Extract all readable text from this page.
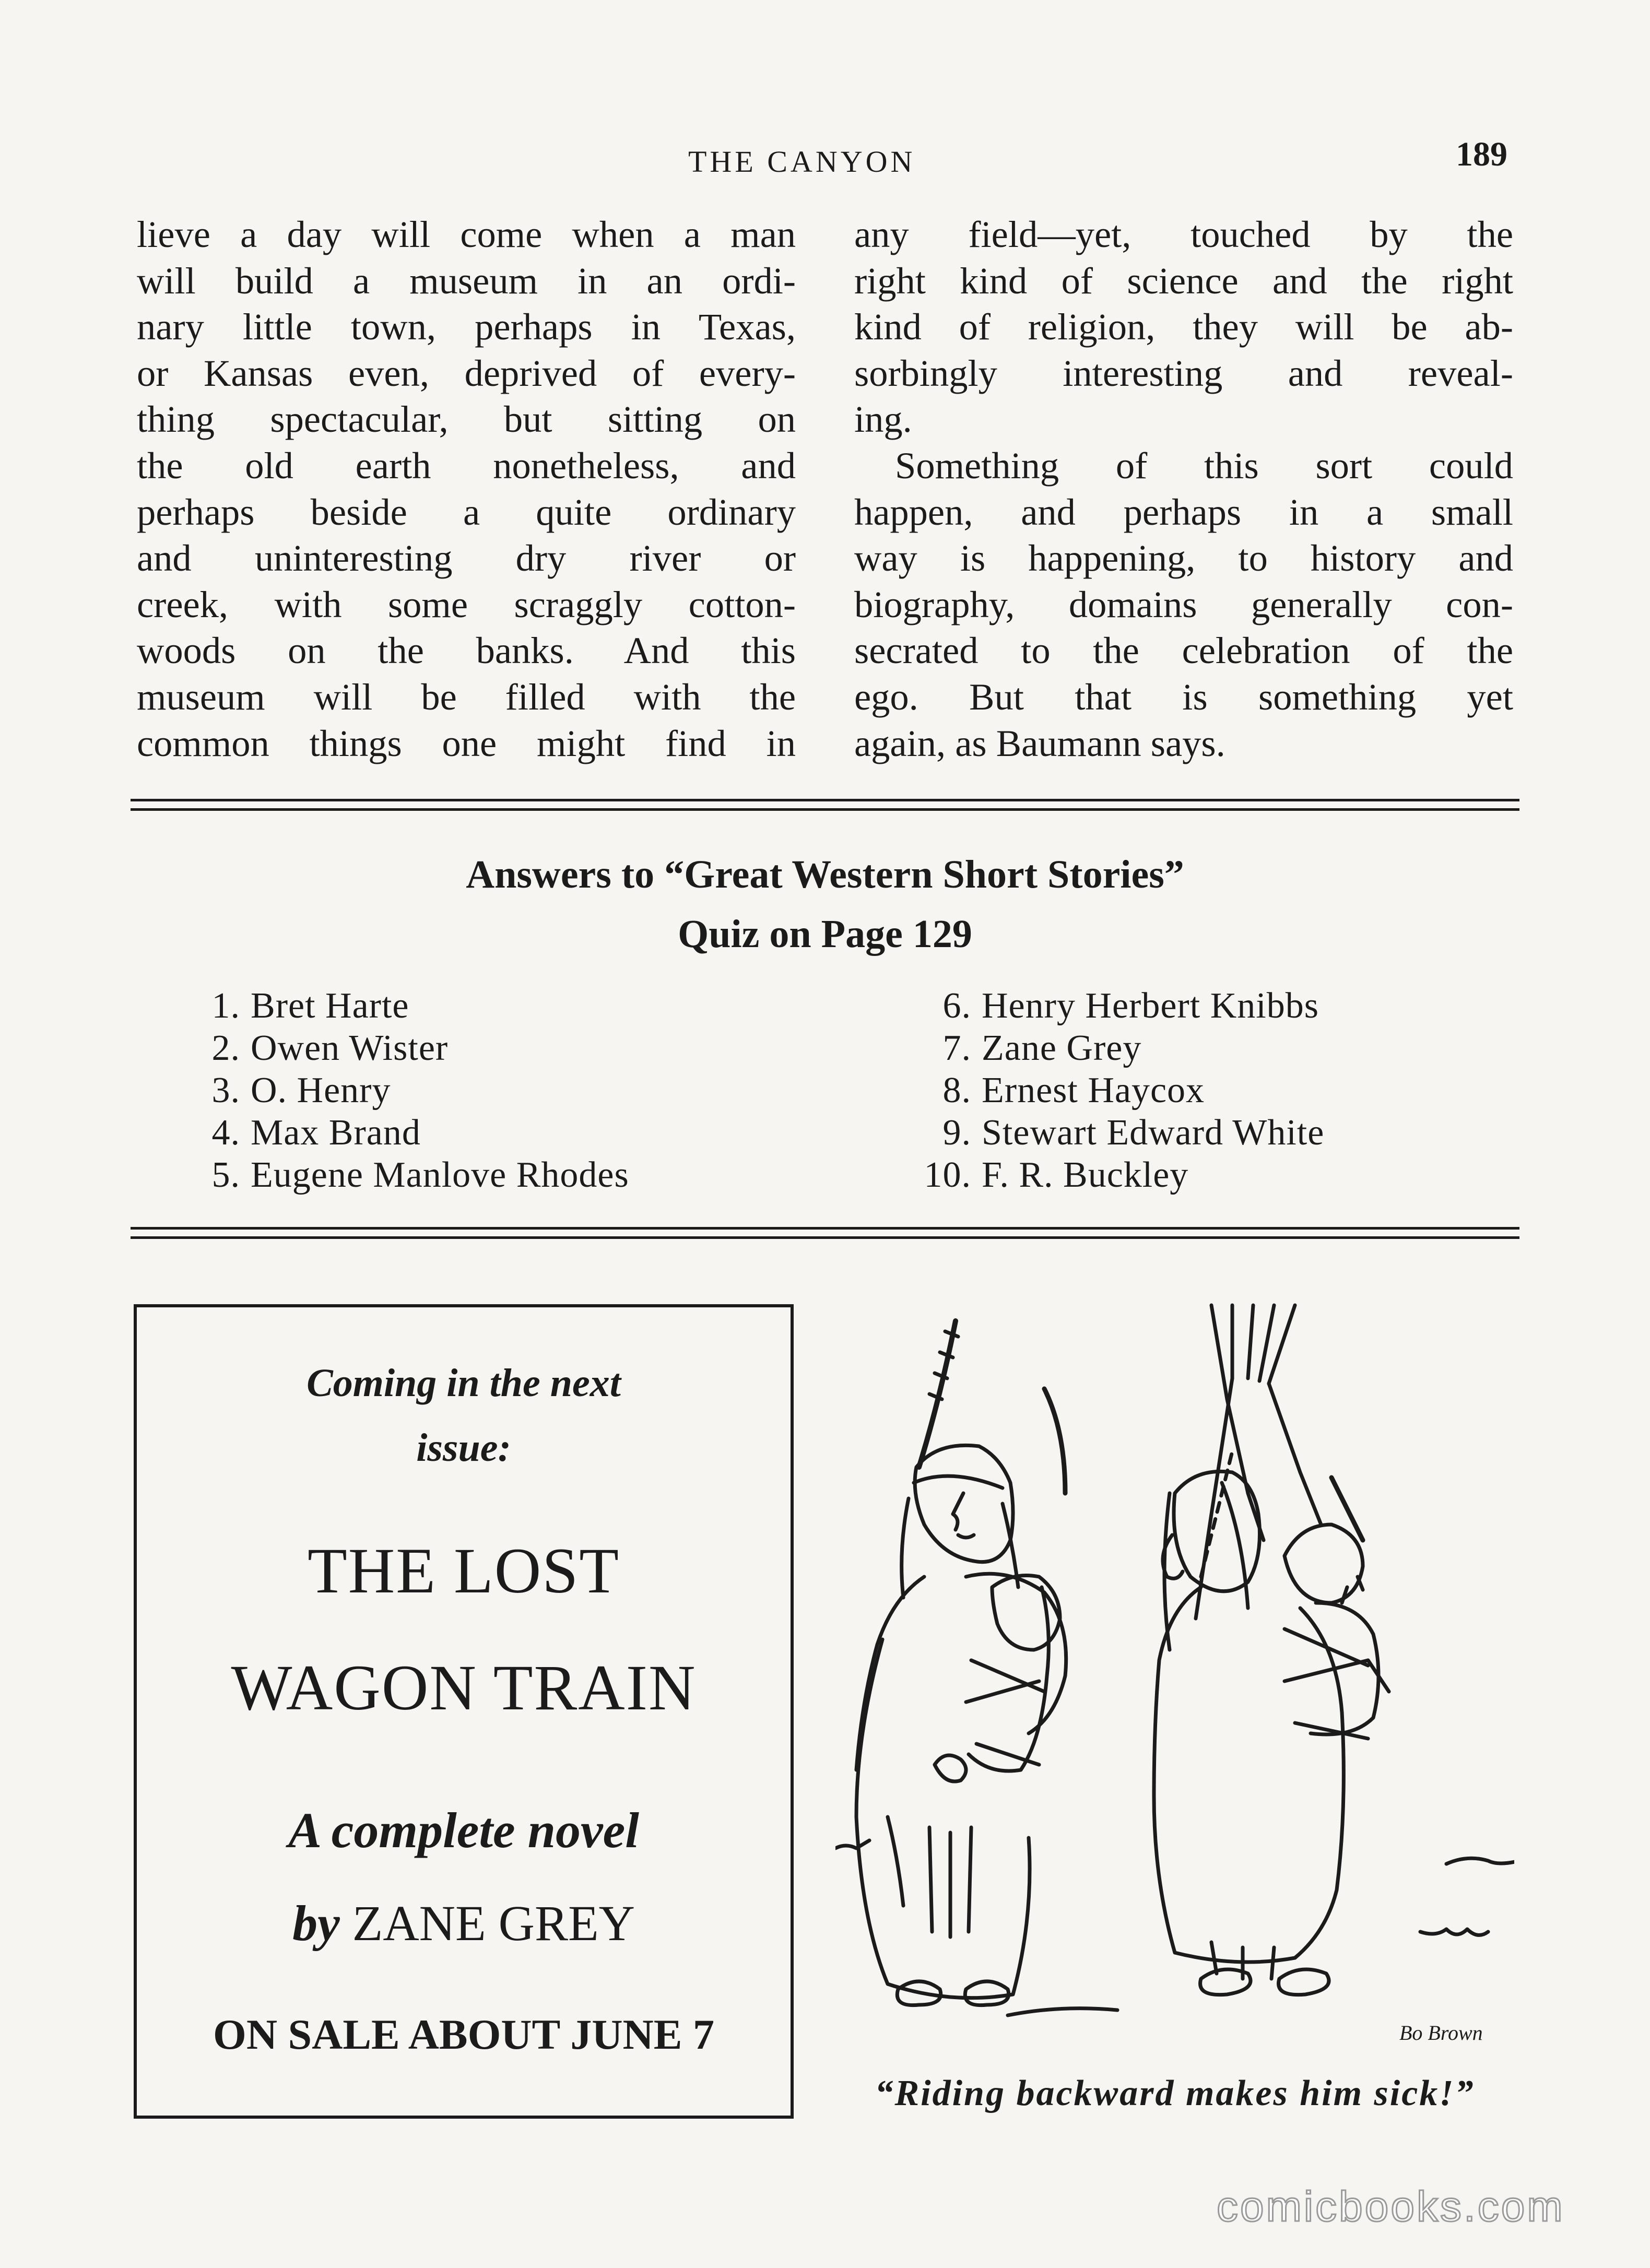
THE CANYON	189
lieve a day will come when a man
will build a museum in an ordi-
nary little town, perhaps in Texas,
or Kansas even, deprived of every-
thing spectacular, but sitting on
the old earth nonetheless, and
perhaps beside a quite ordinary
and uninteresting dry river or
creek, with some scraggly cotton-
woods on the banks. And this
museum will be filled with the
common things one might find in
any field—yet, touched by the
right kind of science and the right
kind of religion, they will be ab-
sorbingly interesting and reveal-
ing.
Something of this sort could
happen, and perhaps in a small
way is happening, to history and
biography, domains generally con-
secrated to the celebration of the
ego. But that is something yet
again, as Baumann says.
Answers to “Great Western Short Stories”
Quiz on Page 129
1. Bret Harte
2. Owen Wister
3. O. Henry
4. Max Brand
5. Eugene Manlove Rhodes
6. Henry Herbert Knibbs
7. Zane Grey
8. Ernest Haycox
9. Stewart Edward White
10. F. R. Buckley
Coming in the next
issue:
THE LOST
WAGON TRAIN
A complete novel
by ZANE GREY
ON SALE ABOUT JUNE 7	Bo Brown
“Riding backward makes him sick!”
comicbooks.com
